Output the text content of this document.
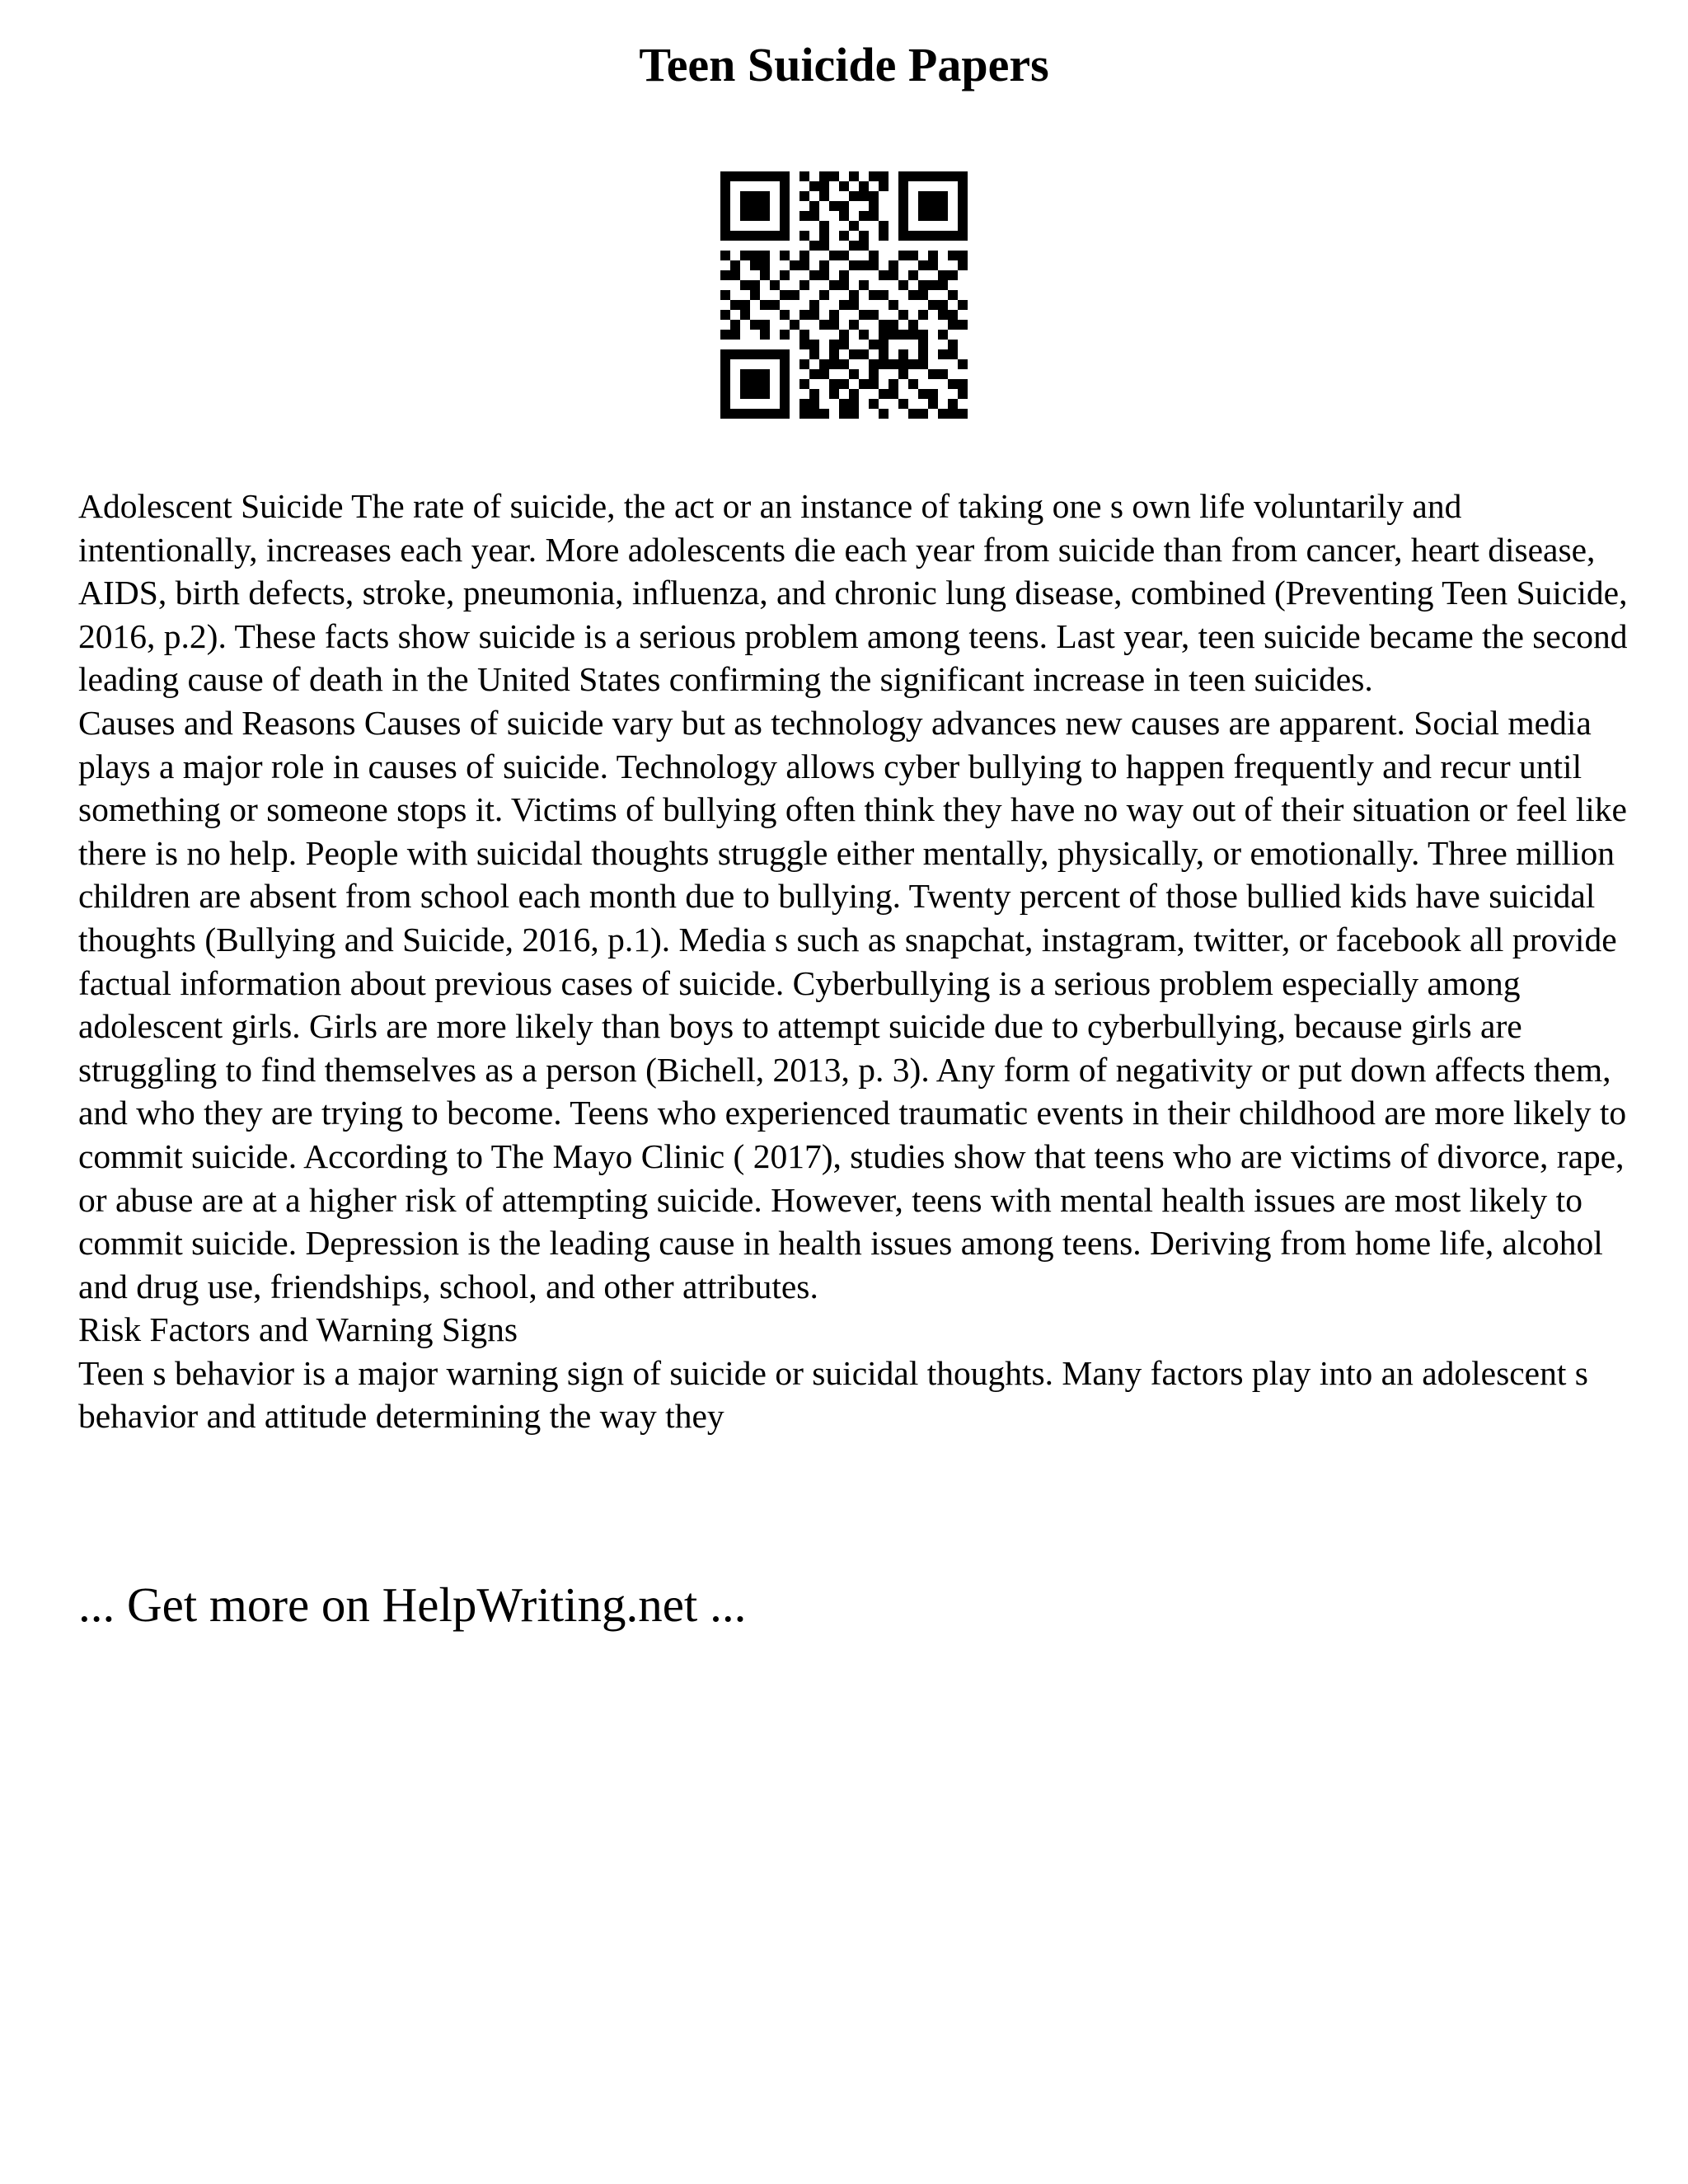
Teen Suicide Papers

Adolescent Suicide The rate of suicide, the act or an instance of taking one s own life voluntarily and intentionally, increases each year. More adolescents die each year from suicide than from cancer, heart disease, AIDS, birth defects, stroke, pneumonia, influenza, and chronic lung disease, combined (Preventing Teen Suicide, 2016, p.2). These facts show suicide is a serious problem among teens. Last year, teen suicide became the second leading cause of death in the United States confirming the significant increase in teen suicides.

Causes and Reasons Causes of suicide vary but as technology advances new causes are apparent. Social media plays a major role in causes of suicide. Technology allows cyber bullying to happen frequently and recur until something or someone stops it. Victims of bullying often think they have no way out of their situation or feel like there is no help. People with suicidal thoughts struggle either mentally, physically, or emotionally. Three million children are absent from school each month due to bullying. Twenty percent of those bullied kids have suicidal thoughts (Bullying and Suicide, 2016, p.1). Media s such as snapchat, instagram, twitter, or facebook all provide factual information about previous cases of suicide. Cyberbullying is a serious problem especially among adolescent girls. Girls are more likely than boys to attempt suicide due to cyberbullying, because girls are struggling to find themselves as a person (Bichell, 2013, p. 3). Any form of negativity or put down affects them, and who they are trying to become. Teens who experienced traumatic events in their childhood are more likely to commit suicide. According to The Mayo Clinic ( 2017), studies show that teens who are victims of divorce, rape, or abuse are at a higher risk of attempting suicide. However, teens with mental health issues are most likely to commit suicide. Depression is the leading cause in health issues among teens. Deriving from home life, alcohol and drug use, friendships, school, and other attributes.

Risk Factors and Warning Signs

Teen s behavior is a major warning sign of suicide or suicidal thoughts. Many factors play into an adolescent s behavior and attitude determining the way they

... Get more on HelpWriting.net ...
